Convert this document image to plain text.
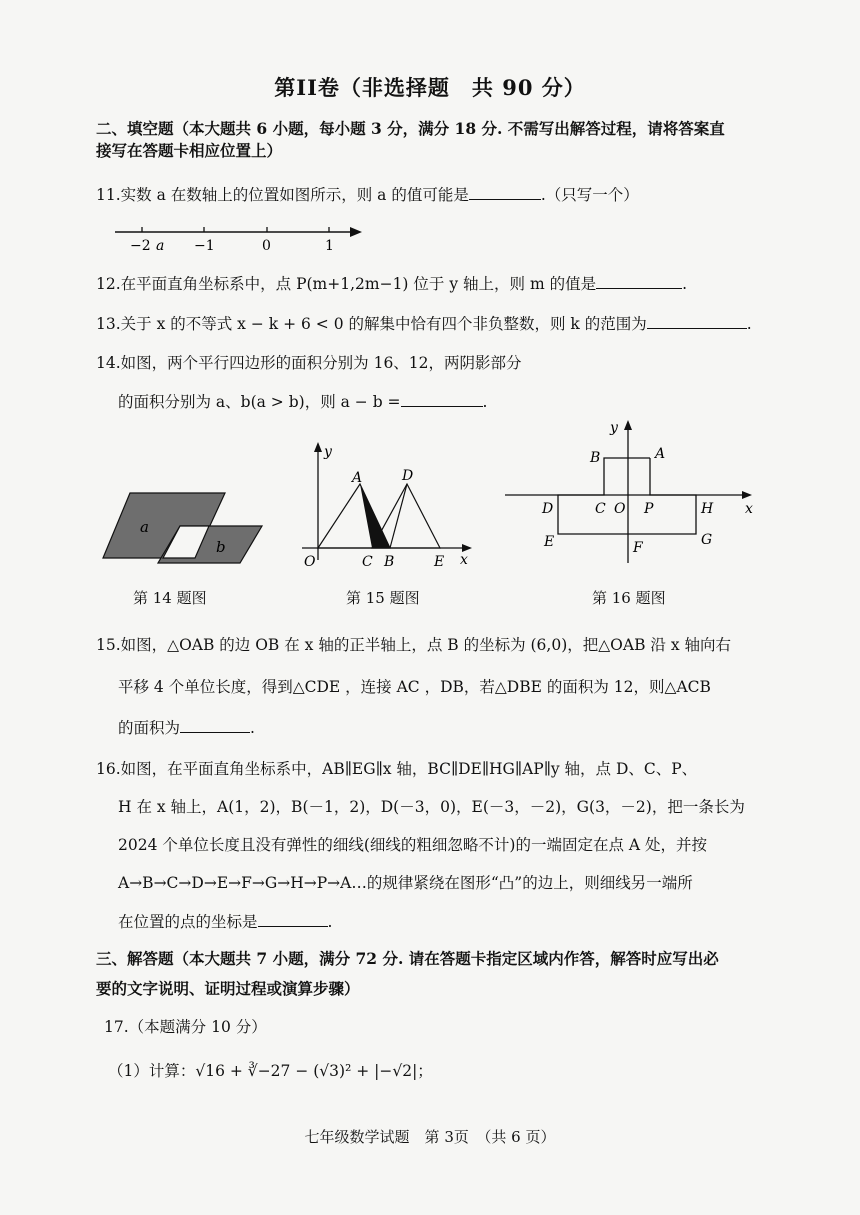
第II卷（非选择题　共 90 分）
二、填空题（本大题共 6 小题，每小题 3 分，满分 18 分. 不需写出解答过程，请将答案直
接写在答题卡相应位置上）
11.实数 a 在数轴上的位置如图所示，则 a 的值可能是	.（只写一个）
−2 a −1	0	1
12.在平面直角坐标系中，点 P(m+1,2m−1) 位于 y 轴上，则 m 的值是	.
13.关于 x 的不等式 x − k + 6 < 0 的解集中恰有四个非负整数，则 k 的范围为	.
14.如图，两个平行四边形的面积分别为 16、12，两阴影部分
的面积分别为 a、b(a > b)，则 a − b =	.
a
b
y
A	D
O	C B	E x
y
B	A
D	C O P	H x
E	F	G
第 14 题图	第 15 题图	第 16 题图
15.如图，△OAB 的边 OB 在 x 轴的正半轴上，点 B 的坐标为 (6,0)，把△OAB 沿 x 轴向右
平移 4 个单位长度，得到△CDE ，连接 AC ，DB，若△DBE 的面积为 12，则△ACB
的面积为	.
16.如图，在平面直角坐标系中，AB∥EG∥x 轴，BC∥DE∥HG∥AP∥y 轴，点 D、C、P、
H 在 x 轴上，A(1，2)，B(－1，2)，D(－3，0)，E(－3，－2)，G(3，－2)，把一条长为
2024 个单位长度且没有弹性的细线(细线的粗细忽略不计)的一端固定在点 A 处，并按
A→B→C→D→E→F→G→H→P→A…的规律紧绕在图形“凸”的边上，则细线另一端所
在位置的点的坐标是	.
三、解答题（本大题共 7 小题，满分 72 分. 请在答题卡指定区域内作答，解答时应写出必
要的文字说明、证明过程或演算步骤）
17.（本题满分 10 分）
（1）计算：√16 + ∛−27 − (√3)² + |−√2|；
七年级数学试题　第 3页　（共 6 页）
